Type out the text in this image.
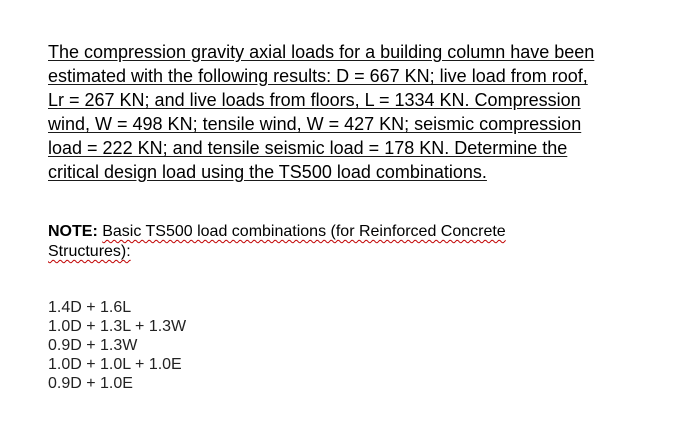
The compression gravity axial loads for a building column have been
estimated with the following results: D = 667 KN; live load from roof,
Lr = 267 KN; and live loads from floors, L = 1334 KN. Compression
wind, W = 498 KN; tensile wind, W = 427 KN; seismic compression
load = 222 KN; and tensile seismic load = 178 KN. Determine the
critical design load using the TS500 load combinations.

NOTE: Basic TS500 load combinations (for Reinforced Concrete
Structures):

1.4D + 1.6L
1.0D + 1.3L + 1.3W
0.9D + 1.3W
1.0D + 1.0L + 1.0E
0.9D + 1.0E
